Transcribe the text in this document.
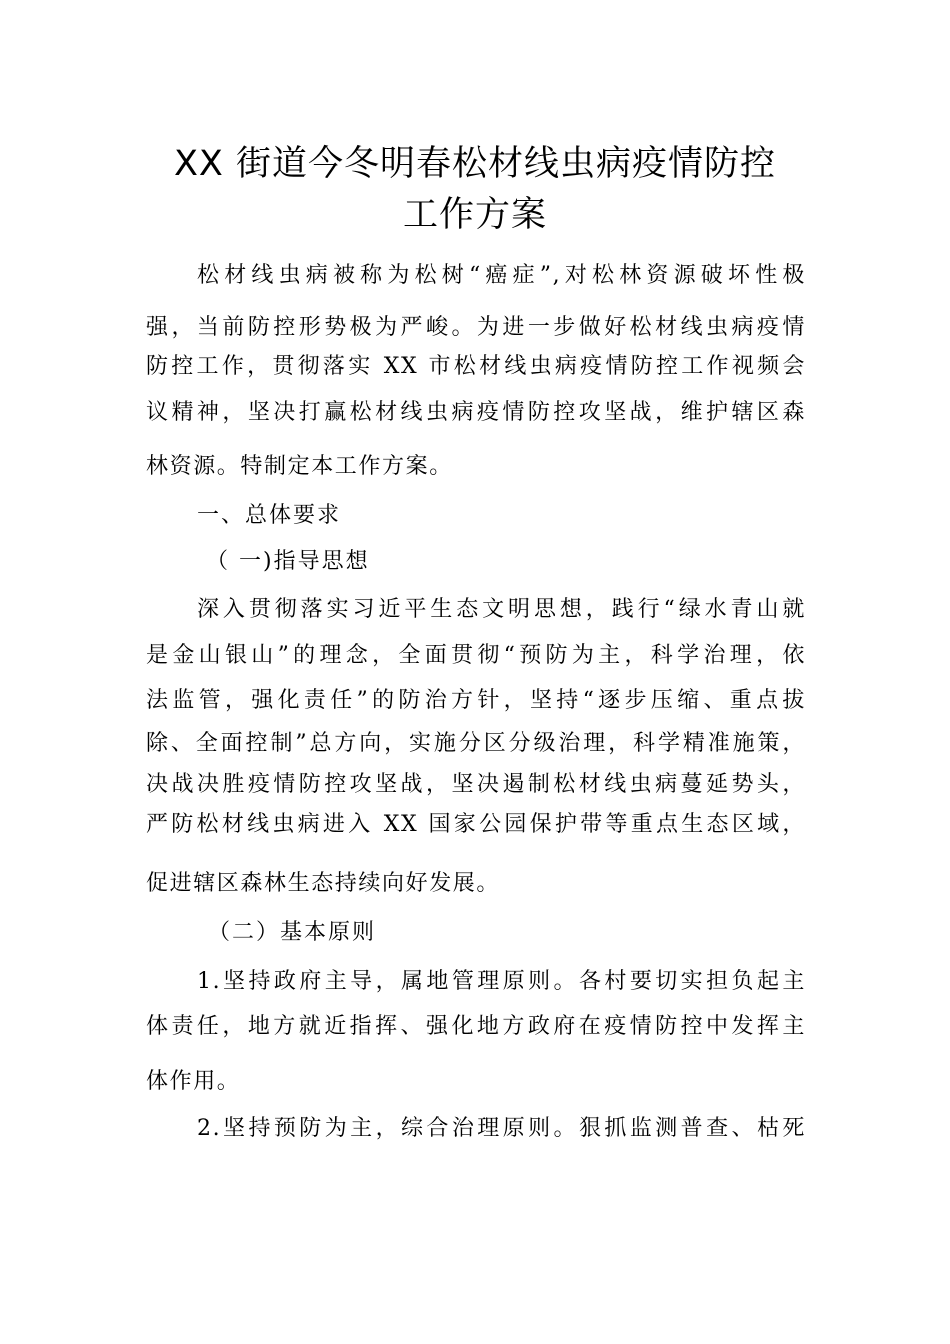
XX 街道今冬明春松材线虫病疫情防控
工作方案
松材线虫病被称为松树“癌症”,对松林资源破坏性极
强，当前防控形势极为严峻。为进一步做好松材线虫病疫情
防控工作，贯彻落实 XX 市松材线虫病疫情防控工作视频会
议精神，坚决打赢松材线虫病疫情防控攻坚战，维护辖区森
林资源。特制定本工作方案。
一、总体要求
（ 一)指导思想
深入贯彻落实习近平生态文明思想，践行“绿水青山就
是金山银山”的理念，全面贯彻“预防为主，科学治理，依
法监管，强化责任”的防治方针，坚持“逐步压缩、重点拔
除、全面控制”总方向，实施分区分级治理，科学精准施策，
决战决胜疫情防控攻坚战，坚决遏制松材线虫病蔓延势头，
严防松材线虫病进入 XX 国家公园保护带等重点生态区域，
促进辖区森林生态持续向好发展。
（二）基本原则
1.坚持政府主导，属地管理原则。各村要切实担负起主
体责任，地方就近指挥、强化地方政府在疫情防控中发挥主
体作用。
2.坚持预防为主，综合治理原则。狠抓监测普查、枯死
